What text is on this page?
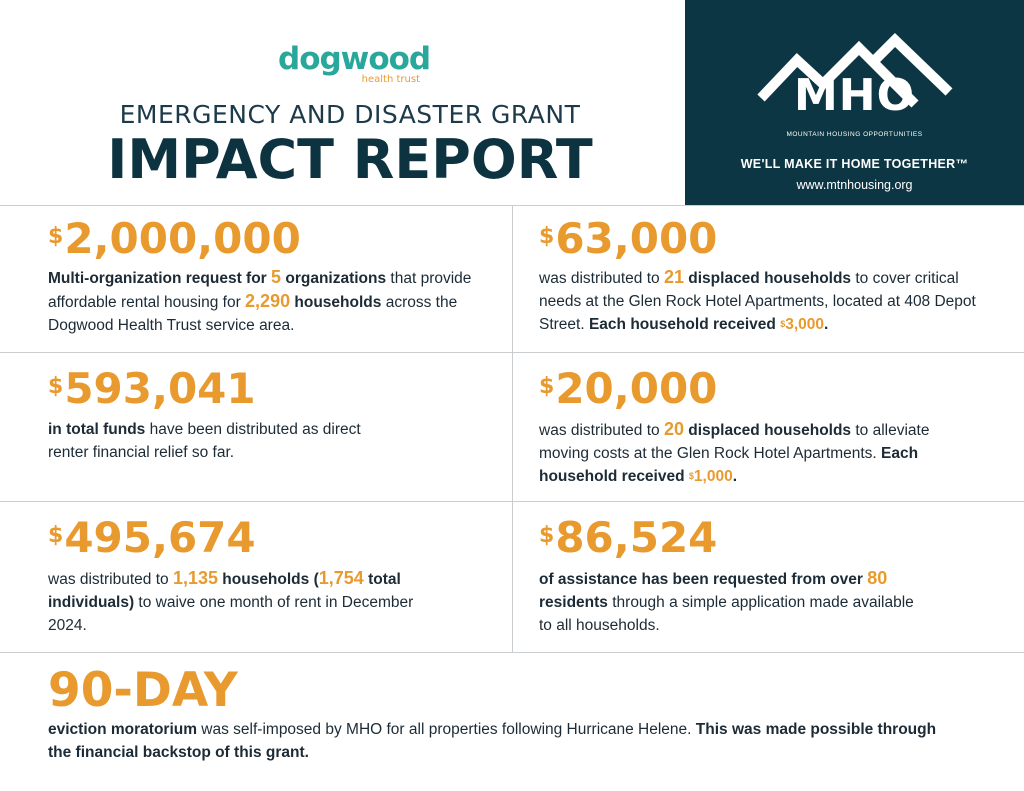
dogwood
health trust
EMERGENCY AND DISASTER GRANT
IMPACT REPORT
MHO
MOUNTAIN HOUSING OPPORTUNITIES
WE'LL MAKE IT HOME TOGETHER™
www.mtnhousing.org
$2,000,000
Multi-organization request for 5 organizations that provide affordable rental housing for 2,290 households across the Dogwood Health Trust service area.
$63,000
was distributed to 21 displaced households to cover critical needs at the Glen Rock Hotel Apartments, located at 408 Depot Street. Each household received $3,000.
$593,041
in total funds have been distributed as direct renter financial relief so far.
$20,000
was distributed to 20 displaced households to alleviate moving costs at the Glen Rock Hotel Apartments. Each household received $1,000.
$495,674
was distributed to 1,135 households (1,754 total individuals) to waive one month of rent in December 2024.
$86,524
of assistance has been requested from over 80 residents through a simple application made available to all households.
90-DAY
eviction moratorium was self-imposed by MHO for all properties following Hurricane Helene. This was made possible through the financial backstop of this grant.
